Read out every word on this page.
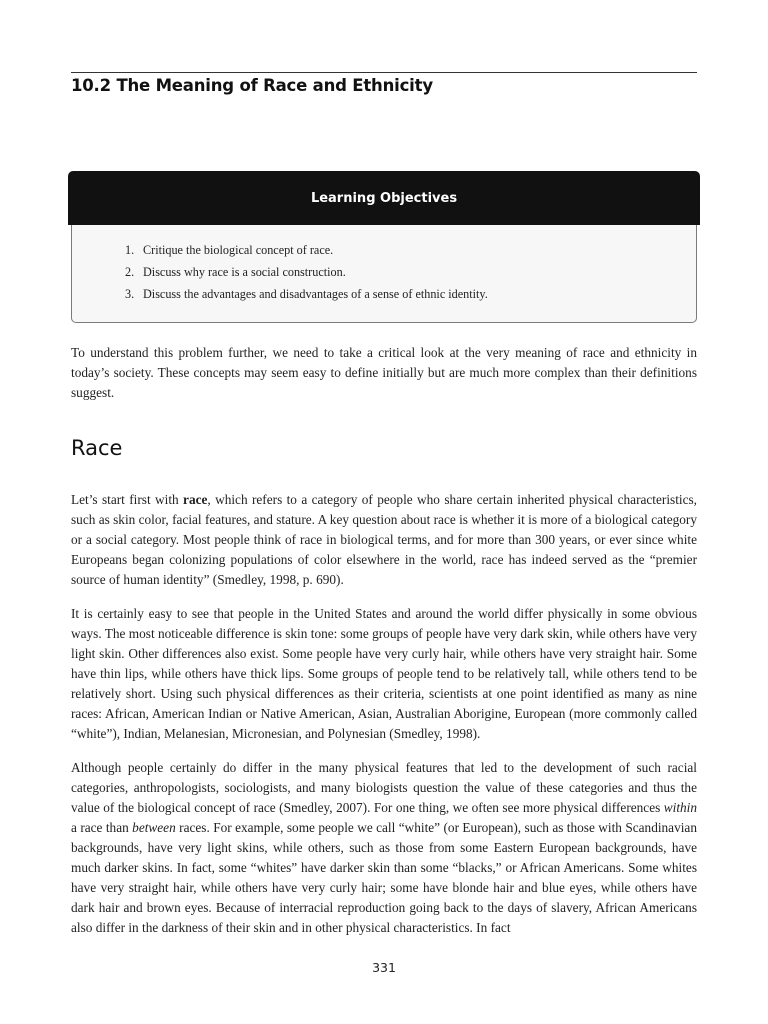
10.2 The Meaning of Race and Ethnicity
Learning Objectives
1. Critique the biological concept of race.
2. Discuss why race is a social construction.
3. Discuss the advantages and disadvantages of a sense of ethnic identity.

To understand this problem further, we need to take a critical look at the very meaning of race and ethnicity in today’s society. These concepts may seem easy to define initially but are much more complex than their definitions suggest.

Race

Let’s start first with race, which refers to a category of people who share certain inherited physical characteristics, such as skin color, facial features, and stature. A key question about race is whether it is more of a biological category or a social category. Most people think of race in biological terms, and for more than 300 years, or ever since white Europeans began colonizing populations of color elsewhere in the world, race has indeed served as the “premier source of human identity” (Smedley, 1998, p. 690).

It is certainly easy to see that people in the United States and around the world differ physically in some obvious ways. The most noticeable difference is skin tone: some groups of people have very dark skin, while others have very light skin. Other differences also exist. Some people have very curly hair, while others have very straight hair. Some have thin lips, while others have thick lips. Some groups of people tend to be relatively tall, while others tend to be relatively short. Using such physical differences as their criteria, scientists at one point identified as many as nine races: African, American Indian or Native American, Asian, Australian Aborigine, European (more commonly called “white”), Indian, Melanesian, Micronesian, and Polynesian (Smedley, 1998).

Although people certainly do differ in the many physical features that led to the development of such racial categories, anthropologists, sociologists, and many biologists question the value of these categories and thus the value of the biological concept of race (Smedley, 2007). For one thing, we often see more physical differences within a race than between races. For example, some people we call “white” (or European), such as those with Scandinavian backgrounds, have very light skins, while others, such as those from some Eastern European backgrounds, have much darker skins. In fact, some “whites” have darker skin than some “blacks,” or African Americans. Some whites have very straight hair, while others have very curly hair; some have blonde hair and blue eyes, while others have dark hair and brown eyes. Because of interracial reproduction going back to the days of slavery, African Americans also differ in the darkness of their skin and in other physical characteristics. In fact

331
